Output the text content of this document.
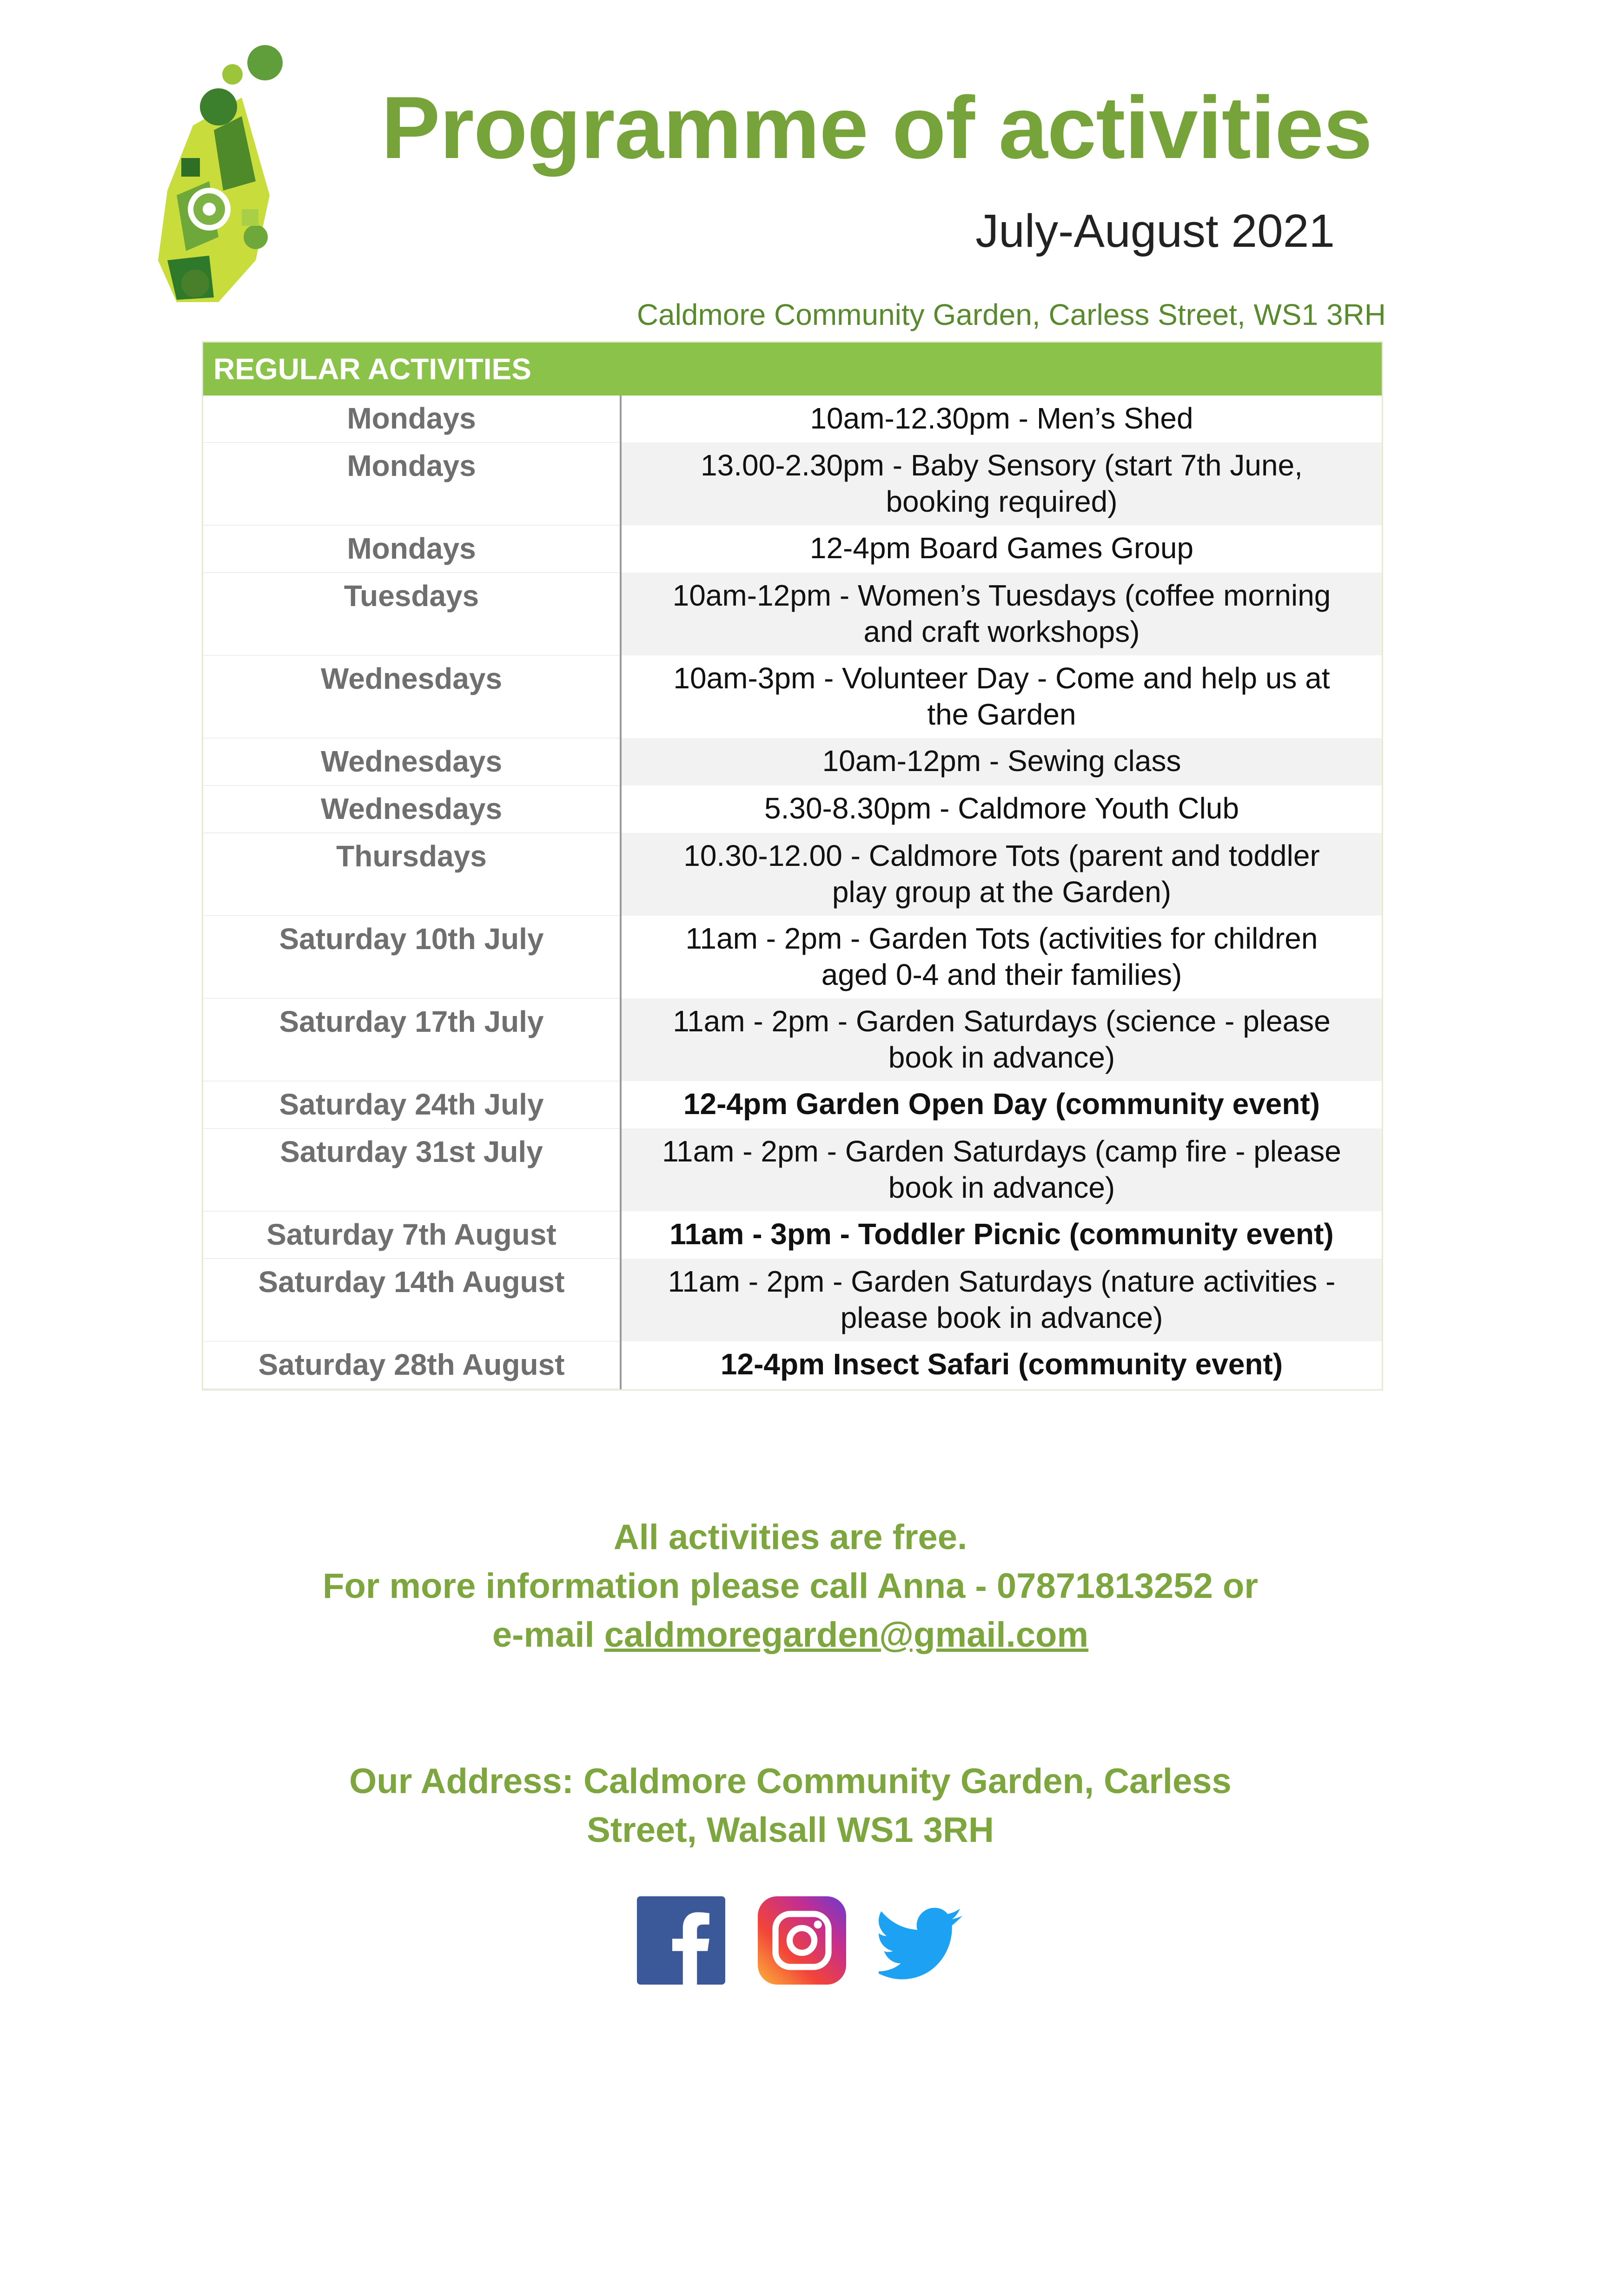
Programme of activities
July-August 2021
Caldmore Community Garden, Carless Street, WS1 3RH
REGULAR ACTIVITIES
Mondays	10am-12.30pm - Men’s Shed

Mondays	13.00-2.30pm - Baby Sensory (start 7th June,
booking required)

Mondays	12-4pm Board Games Group

Tuesdays	10am-12pm - Women’s Tuesdays (coffee morning
and craft workshops)

Wednesdays	10am-3pm - Volunteer Day - Come and help us at
the Garden

Wednesdays	10am-12pm - Sewing class

Wednesdays	5.30-8.30pm - Caldmore Youth Club

Thursdays	10.30-12.00 - Caldmore Tots (parent and toddler
play group at the Garden)

Saturday 10th July	11am - 2pm - Garden Tots (activities for children
aged 0-4 and their families)

Saturday 17th July	11am - 2pm - Garden Saturdays (science - please
book in advance)

Saturday 24th July	12-4pm Garden Open Day (community event)

Saturday 31st July	11am - 2pm - Garden Saturdays (camp fire - please
book in advance)

Saturday 7th August	11am - 3pm - Toddler Picnic (community event)

Saturday 14th August	11am - 2pm - Garden Saturdays (nature activities -
please book in advance)

Saturday 28th August	12-4pm Insect Safari (community event)
All activities are free.
For more information please call Anna - 07871813252 or
e-mail caldmoregarden@gmail.com
Our Address: Caldmore Community Garden, Carless
Street, Walsall WS1 3RH
